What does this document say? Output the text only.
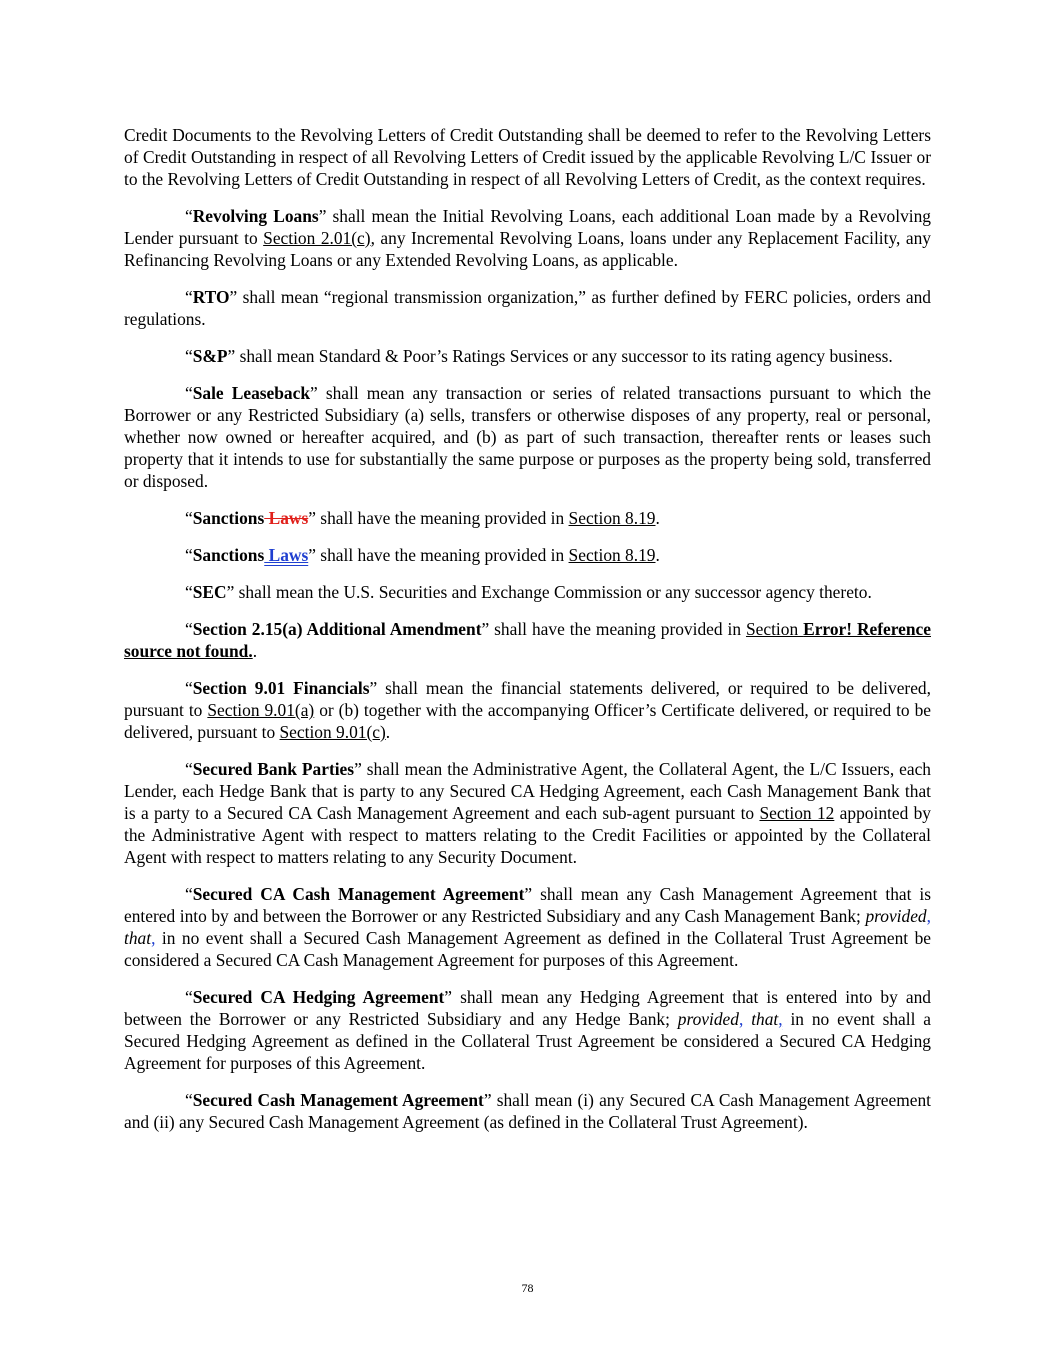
Credit Documents to the Revolving Letters of Credit Outstanding shall be deemed to refer to the Revolving Letters of Credit Outstanding in respect of all Revolving Letters of Credit issued by the applicable Revolving L/C Issuer or to the Revolving Letters of Credit Outstanding in respect of all Revolving Letters of Credit, as the context requires.

“Revolving Loans” shall mean the Initial Revolving Loans, each additional Loan made by a Revolving Lender pursuant to Section 2.01(c), any Incremental Revolving Loans, loans under any Replacement Facility, any Refinancing Revolving Loans or any Extended Revolving Loans, as applicable.

“RTO” shall mean “regional transmission organization,” as further defined by FERC policies, orders and regulations.

“S&P” shall mean Standard & Poor’s Ratings Services or any successor to its rating agency business.

“Sale Leaseback” shall mean any transaction or series of related transactions pursuant to which the Borrower or any Restricted Subsidiary (a) sells, transfers or otherwise disposes of any property, real or personal, whether now owned or hereafter acquired, and (b) as part of such transaction, thereafter rents or leases such property that it intends to use for substantially the same purpose or purposes as the property being sold, transferred or disposed.

“Sanctions Laws” shall have the meaning provided in Section 8.19.

“Sanctions Laws” shall have the meaning provided in Section 8.19.

“SEC” shall mean the U.S. Securities and Exchange Commission or any successor agency thereto.

“Section 2.15(a) Additional Amendment” shall have the meaning provided in Section Error! Reference source not found..

“Section 9.01 Financials” shall mean the financial statements delivered, or required to be delivered, pursuant to Section 9.01(a) or (b) together with the accompanying Officer’s Certificate delivered, or required to be delivered, pursuant to Section 9.01(c).

“Secured Bank Parties” shall mean the Administrative Agent, the Collateral Agent, the L/C Issuers, each Lender, each Hedge Bank that is party to any Secured CA Hedging Agreement, each Cash Management Bank that is a party to a Secured CA Cash Management Agreement and each sub-agent pursuant to Section 12 appointed by the Administrative Agent with respect to matters relating to the Credit Facilities or appointed by the Collateral Agent with respect to matters relating to any Security Document.

“Secured CA Cash Management Agreement” shall mean any Cash Management Agreement that is entered into by and between the Borrower or any Restricted Subsidiary and any Cash Management Bank; provided, that, in no event shall a Secured Cash Management Agreement as defined in the Collateral Trust Agreement be considered a Secured CA Cash Management Agreement for purposes of this Agreement.

“Secured CA Hedging Agreement” shall mean any Hedging Agreement that is entered into by and between the Borrower or any Restricted Subsidiary and any Hedge Bank; provided, that, in no event shall a Secured Hedging Agreement as defined in the Collateral Trust Agreement be considered a Secured CA Hedging Agreement for purposes of this Agreement.

“Secured Cash Management Agreement” shall mean (i) any Secured CA Cash Management Agreement and (ii) any Secured Cash Management Agreement (as defined in the Collateral Trust Agreement).

78
